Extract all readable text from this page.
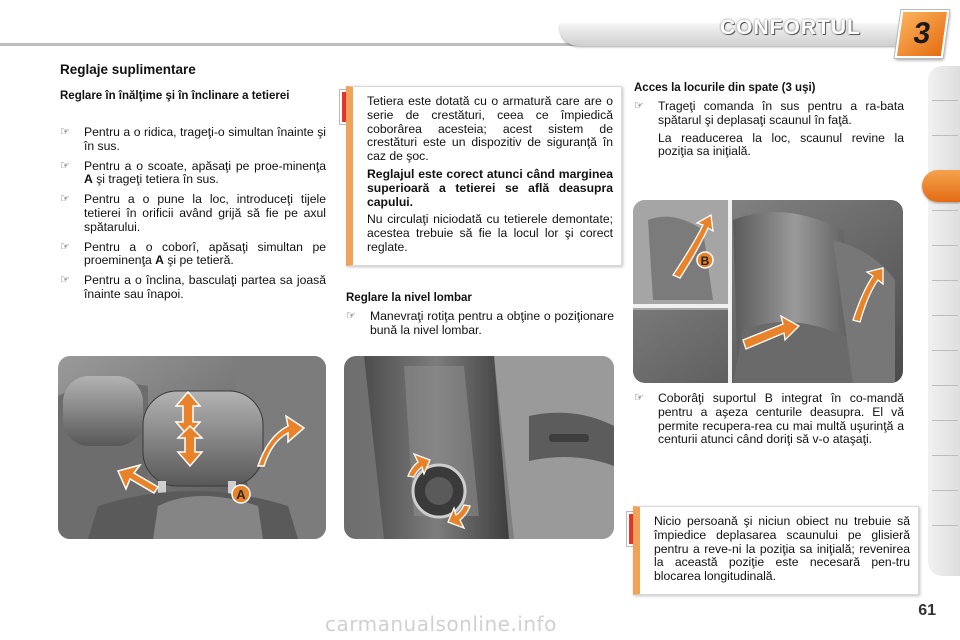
CONFORTUL 3
Reglaje suplimentare
Reglare în înălţime şi în înclinare a tetierei
☞ Pentru a o ridica, trageţi-o simultan înainte şi în sus.
☞ Pentru a o scoate, apăsaţi pe proe-minenţa A şi trageţi tetiera în sus.
☞ Pentru a o pune la loc, introduceţi tijele tetierei în orificii având grijă să fie pe axul spătarului.
☞ Pentru a o coborî, apăsaţi simultan pe proeminenţa A şi pe tetieră.
☞ Pentru a o înclina, basculaţi partea sa joasă înainte sau înapoi.
A
Tetiera este dotată cu o armatură care are o serie de crestături, ceea ce împiedică coborârea acesteia; acest sistem de crestături este un dispozitiv de siguranţă în caz de şoc.
Reglajul este corect atunci când marginea superioară a tetierei se află deasupra capului.
Nu circulaţi niciodată cu tetierele demontate; acestea trebuie să fie la locul lor şi corect reglate.
Reglare la nivel lombar
☞ Manevraţi rotiţa pentru a obţine o poziţionare bună la nivel lombar.
Acces la locurile din spate (3 uşi)
☞ Trageţi comanda în sus pentru a ra-bata spătarul şi deplasaţi scaunul în faţă.
La readucerea la loc, scaunul revine la poziţia sa iniţială.
B
☞ Coborâţi suportul B integrat în co-mandă pentru a aşeza centurile deasupra. El vă permite recupera-rea cu mai multă uşurinţă a centurii atunci când doriţi să v-o ataşaţi.
Nicio persoană şi niciun obiect nu trebuie să împiedice deplasarea scaunului pe glisieră pentru a reve-ni la poziţia sa iniţială; revenirea la această poziţie este necesară pen-tru blocarea longitudinală.
61
carmanualsonline.info
